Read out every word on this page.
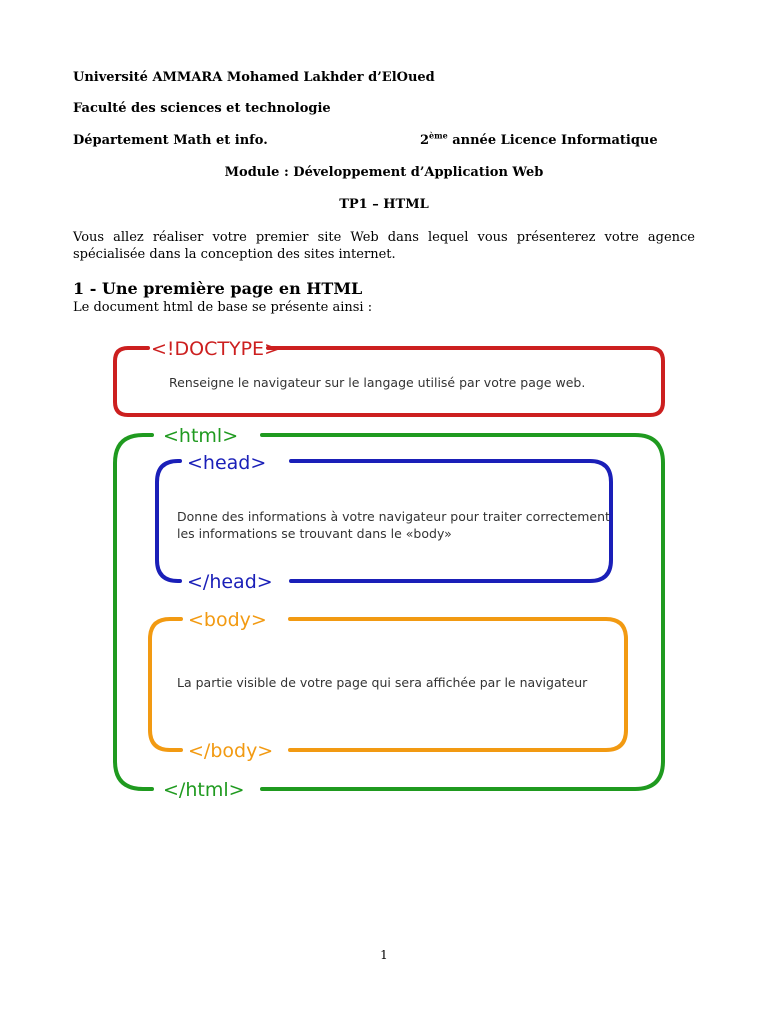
Université AMMARA Mohamed Lakhder d’ElOued
Faculté des sciences et technologie
Département Math et info.	2ème année Licence Informatique
Module : Développement d’Application Web
TP1 – HTML
Vous allez réaliser votre premier site Web dans lequel vous présenterez votre agence spécialisée dans la conception des sites internet.
1 - Une première page en HTML
Le document html de base se présente ainsi :
<!DOCTYPE>
Renseigne le navigateur sur le langage utilisé par votre page web.
<html>
</html>
<head>
</head>
Donne des informations à votre navigateur pour traiter correctement
les informations se trouvant dans le «body»
<body>
</body>
La partie visible de votre page qui sera affichée par le navigateur
1
